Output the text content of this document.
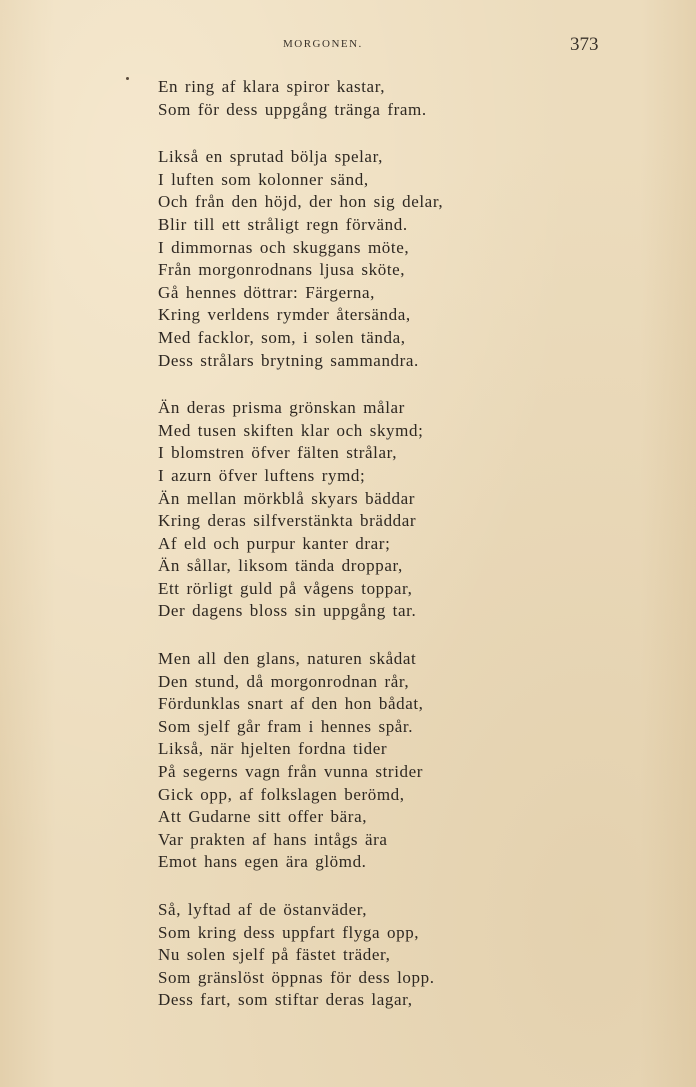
MORGONEN.	373
En ring af klara spiror kastar,
Som för dess uppgång tränga fram.
Likså en sprutad bölja spelar,
I luften som kolonner sänd,
Och från den höjd, der hon sig delar,
Blir till ett stråligt regn förvänd.
I dimmornas och skuggans möte,
Från morgonrodnans ljusa sköte,
Gå hennes döttrar: Färgerna,
Kring verldens rymder återsända,
Med facklor, som, i solen tända,
Dess strålars brytning sammandra.
Än deras prisma grönskan målar
Med tusen skiften klar och skymd;
I blomstren öfver fälten strålar,
I azurn öfver luftens rymd;
Än mellan mörkblå skyars bäddar
Kring deras silfverstänkta bräddar
Af eld och purpur kanter drar;
Än sållar, liksom tända droppar,
Ett rörligt guld på vågens toppar,
Der dagens bloss sin uppgång tar.
Men all den glans, naturen skådat
Den stund, då morgonrodnan rår,
Fördunklas snart af den hon bådat,
Som sjelf går fram i hennes spår.
Likså, när hjelten fordna tider
På segerns vagn från vunna strider
Gick opp, af folkslagen berömd,
Att Gudarne sitt offer bära,
Var prakten af hans intågs ära
Emot hans egen ära glömd.
Så, lyftad af de östanväder,
Som kring dess uppfart flyga opp,
Nu solen sjelf på fästet träder,
Som gränslöst öppnas för dess lopp.
Dess fart, som stiftar deras lagar,
